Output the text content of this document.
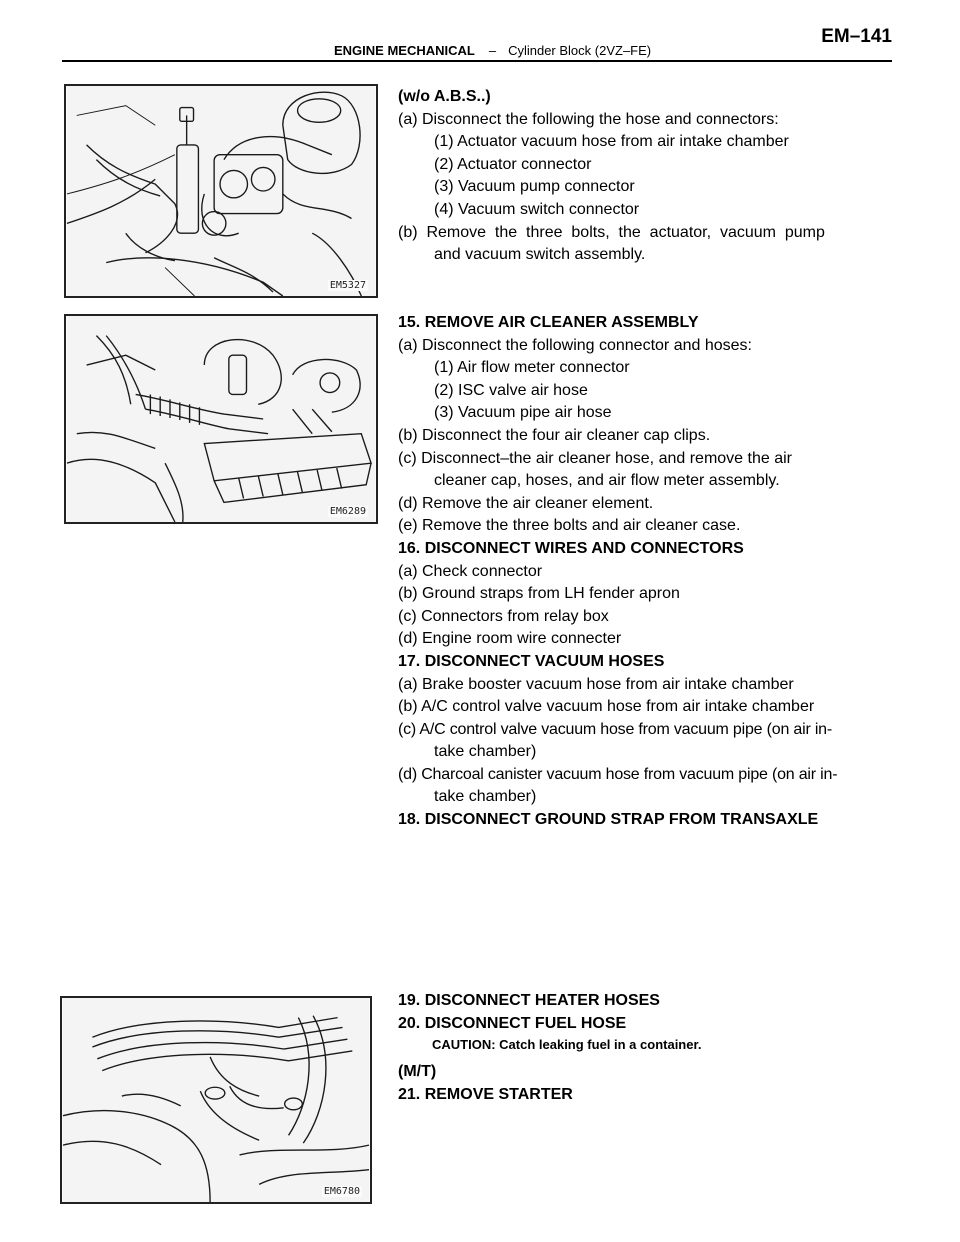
ENGINE MECHANICAL – Cylinder Block (2VZ–FE)
EM–141
EM5327
EM6289
EM6780
(w/o A.B.S..)
(a) Disconnect the following the hose and connectors:
(1) Actuator vacuum hose from air intake chamber
(2) Actuator connector
(3) Vacuum pump connector
(4) Vacuum switch connector
(b)  Remove  the  three  bolts,  the  actuator,  vacuum  pump
and vacuum switch assembly.
15. REMOVE AIR CLEANER ASSEMBLY
(a) Disconnect the following connector and hoses:
(1) Air flow meter connector
(2) ISC valve air hose
(3) Vacuum pipe air hose
(b) Disconnect the four air cleaner cap clips.
(c) Disconnect–the air cleaner hose, and remove the air
cleaner cap, hoses, and air flow meter assembly.
(d) Remove the air cleaner element.
(e) Remove the three bolts and air cleaner case.
16. DISCONNECT WIRES AND CONNECTORS
(a) Check connector
(b) Ground straps from LH fender apron
(c) Connectors from relay box
(d) Engine room wire connecter
17. DISCONNECT VACUUM HOSES
(a) Brake booster vacuum hose from air intake chamber
(b) A/C control valve vacuum hose from air intake chamber
(c) A/C control valve vacuum hose from vacuum pipe (on air in-
take chamber)
(d) Charcoal canister vacuum hose from vacuum pipe (on air in-
take chamber)
18. DISCONNECT GROUND STRAP FROM TRANSAXLE
19. DISCONNECT HEATER HOSES
20. DISCONNECT FUEL HOSE
CAUTION: Catch leaking fuel in a container.
(M/T)
21. REMOVE STARTER
